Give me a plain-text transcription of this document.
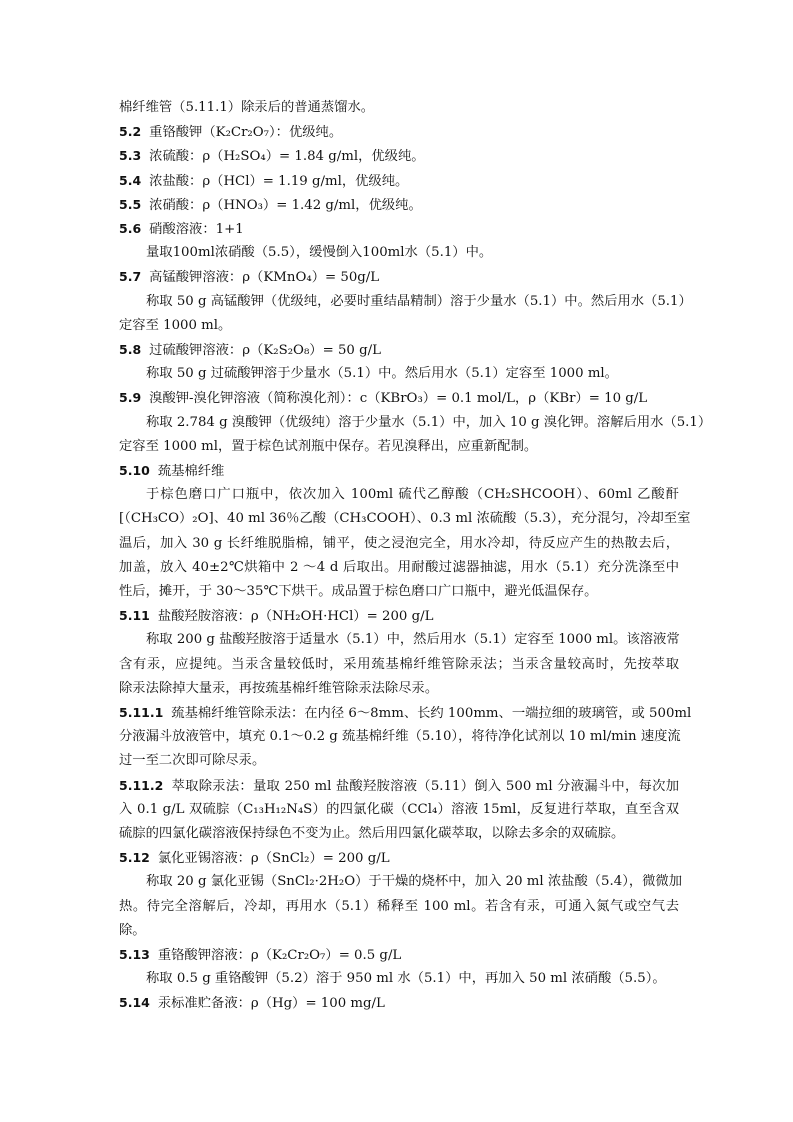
棉纤维管（5.11.1）除汞后的普通蒸馏水。
5.2 重铬酸钾（K₂Cr₂O₇）：优级纯。
5.3 浓硫酸：ρ（H₂SO₄）= 1.84 g/ml，优级纯。
5.4 浓盐酸：ρ（HCl）= 1.19 g/ml，优级纯。
5.5 浓硝酸：ρ（HNO₃）= 1.42 g/ml，优级纯。
5.6 硝酸溶液：1+1
量取100ml浓硝酸（5.5），缓慢倒入100ml水（5.1）中。
5.7 高锰酸钾溶液：ρ（KMnO₄）= 50g/L
称取 50 g 高锰酸钾（优级纯，必要时重结晶精制）溶于少量水（5.1）中。然后用水（5.1）
定容至 1000 ml。
5.8 过硫酸钾溶液：ρ（K₂S₂O₈）= 50 g/L
称取 50 g 过硫酸钾溶于少量水（5.1）中。然后用水（5.1）定容至 1000 ml。
5.9 溴酸钾-溴化钾溶液（简称溴化剂）：c（KBrO₃）= 0.1 mol/L，ρ（KBr）= 10 g/L
称取 2.784 g 溴酸钾（优级纯）溶于少量水（5.1）中，加入 10 g 溴化钾。溶解后用水（5.1）
定容至 1000 ml，置于棕色试剂瓶中保存。若见溴释出，应重新配制。
5.10 巯基棉纤维
于棕色磨口广口瓶中，依次加入 100ml 硫代乙醇酸（CH₂SHCOOH）、60ml 乙酸酐
[（CH₃CO）₂O]、40 ml 36％乙酸（CH₃COOH）、0.3 ml 浓硫酸（5.3），充分混匀，冷却至室
温后，加入 30 g 长纤维脱脂棉，铺平，使之浸泡完全，用水冷却，待反应产生的热散去后，
加盖，放入 40±2℃烘箱中 2 ～4 d 后取出。用耐酸过滤器抽滤，用水（5.1）充分洗涤至中
性后，摊开，于 30～35℃下烘干。成品置于棕色磨口广口瓶中，避光低温保存。
5.11 盐酸羟胺溶液：ρ（NH₂OH·HCl）= 200 g/L
称取 200 g 盐酸羟胺溶于适量水（5.1）中，然后用水（5.1）定容至 1000 ml。该溶液常
含有汞，应提纯。当汞含量较低时，采用巯基棉纤维管除汞法；当汞含量较高时，先按萃取
除汞法除掉大量汞，再按巯基棉纤维管除汞法除尽汞。
5.11.1 巯基棉纤维管除汞法：在内径 6～8mm、长约 100mm、一端拉细的玻璃管，或 500ml
分液漏斗放液管中，填充 0.1～0.2 g 巯基棉纤维（5.10），将待净化试剂以 10 ml/min 速度流
过一至二次即可除尽汞。
5.11.2 萃取除汞法：量取 250 ml 盐酸羟胺溶液（5.11）倒入 500 ml 分液漏斗中，每次加
入 0.1 g/L 双硫腙（C₁₃H₁₂N₄S）的四氯化碳（CCl₄）溶液 15ml，反复进行萃取，直至含双
硫腙的四氯化碳溶液保持绿色不变为止。然后用四氯化碳萃取，以除去多余的双硫腙。
5.12 氯化亚锡溶液：ρ（SnCl₂）= 200 g/L
称取 20 g 氯化亚锡（SnCl₂·2H₂O）于干燥的烧杯中，加入 20 ml 浓盐酸（5.4），微微加
热。待完全溶解后，冷却，再用水（5.1）稀释至 100 ml。若含有汞，可通入氮气或空气去
除。
5.13 重铬酸钾溶液：ρ（K₂Cr₂O₇）= 0.5 g/L
称取 0.5 g 重铬酸钾（5.2）溶于 950 ml 水（5.1）中，再加入 50 ml 浓硝酸（5.5）。
5.14 汞标准贮备液：ρ（Hg）= 100 mg/L
